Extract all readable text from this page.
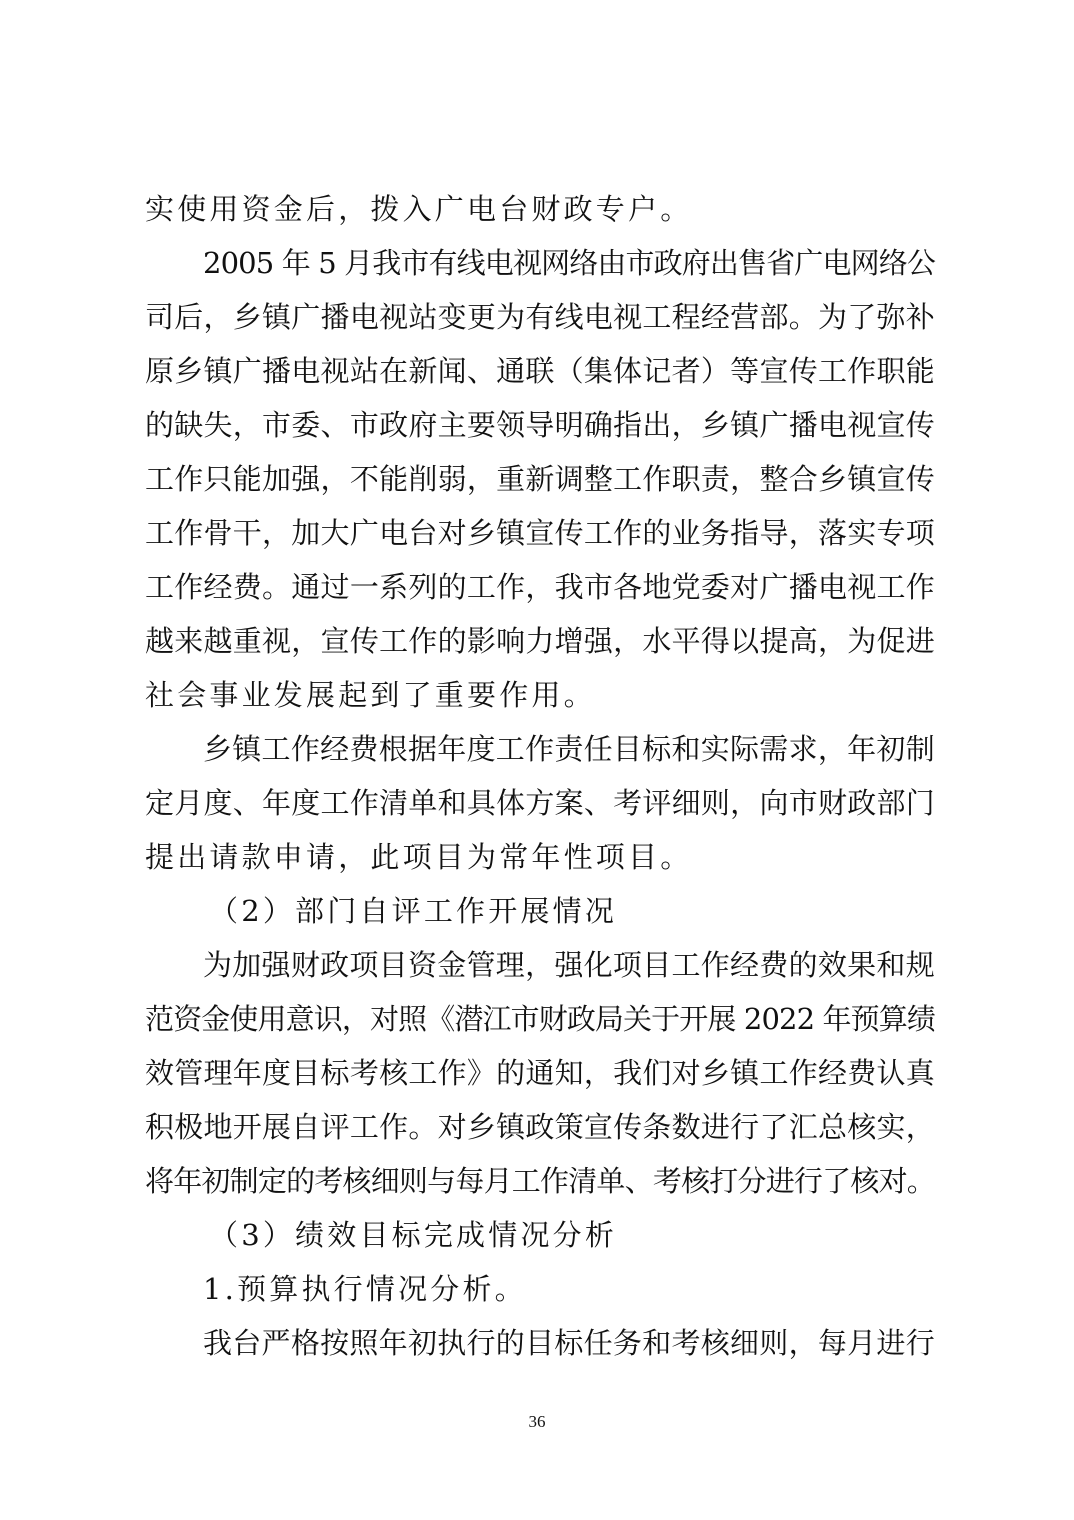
实使用资金后，拨入广电台财政专户。
2005 年 5 月我市有线电视网络由市政府出售省广电网络公
司后，乡镇广播电视站变更为有线电视工程经营部。为了弥补
原乡镇广播电视站在新闻、通联（集体记者）等宣传工作职能
的缺失，市委、市政府主要领导明确指出，乡镇广播电视宣传
工作只能加强，不能削弱，重新调整工作职责，整合乡镇宣传
工作骨干，加大广电台对乡镇宣传工作的业务指导，落实专项
工作经费。通过一系列的工作，我市各地党委对广播电视工作
越来越重视，宣传工作的影响力增强，水平得以提高，为促进
社会事业发展起到了重要作用。
乡镇工作经费根据年度工作责任目标和实际需求，年初制
定月度、年度工作清单和具体方案、考评细则，向市财政部门
提出请款申请，此项目为常年性项目。
（2）部门自评工作开展情况
为加强财政项目资金管理，强化项目工作经费的效果和规
范资金使用意识，对照《潜江市财政局关于开展 2022 年预算绩
效管理年度目标考核工作》的通知，我们对乡镇工作经费认真
积极地开展自评工作。对乡镇政策宣传条数进行了汇总核实，
将年初制定的考核细则与每月工作清单、考核打分进行了核对。
（3）绩效目标完成情况分析
1.预算执行情况分析。
我台严格按照年初执行的目标任务和考核细则，每月进行
36
